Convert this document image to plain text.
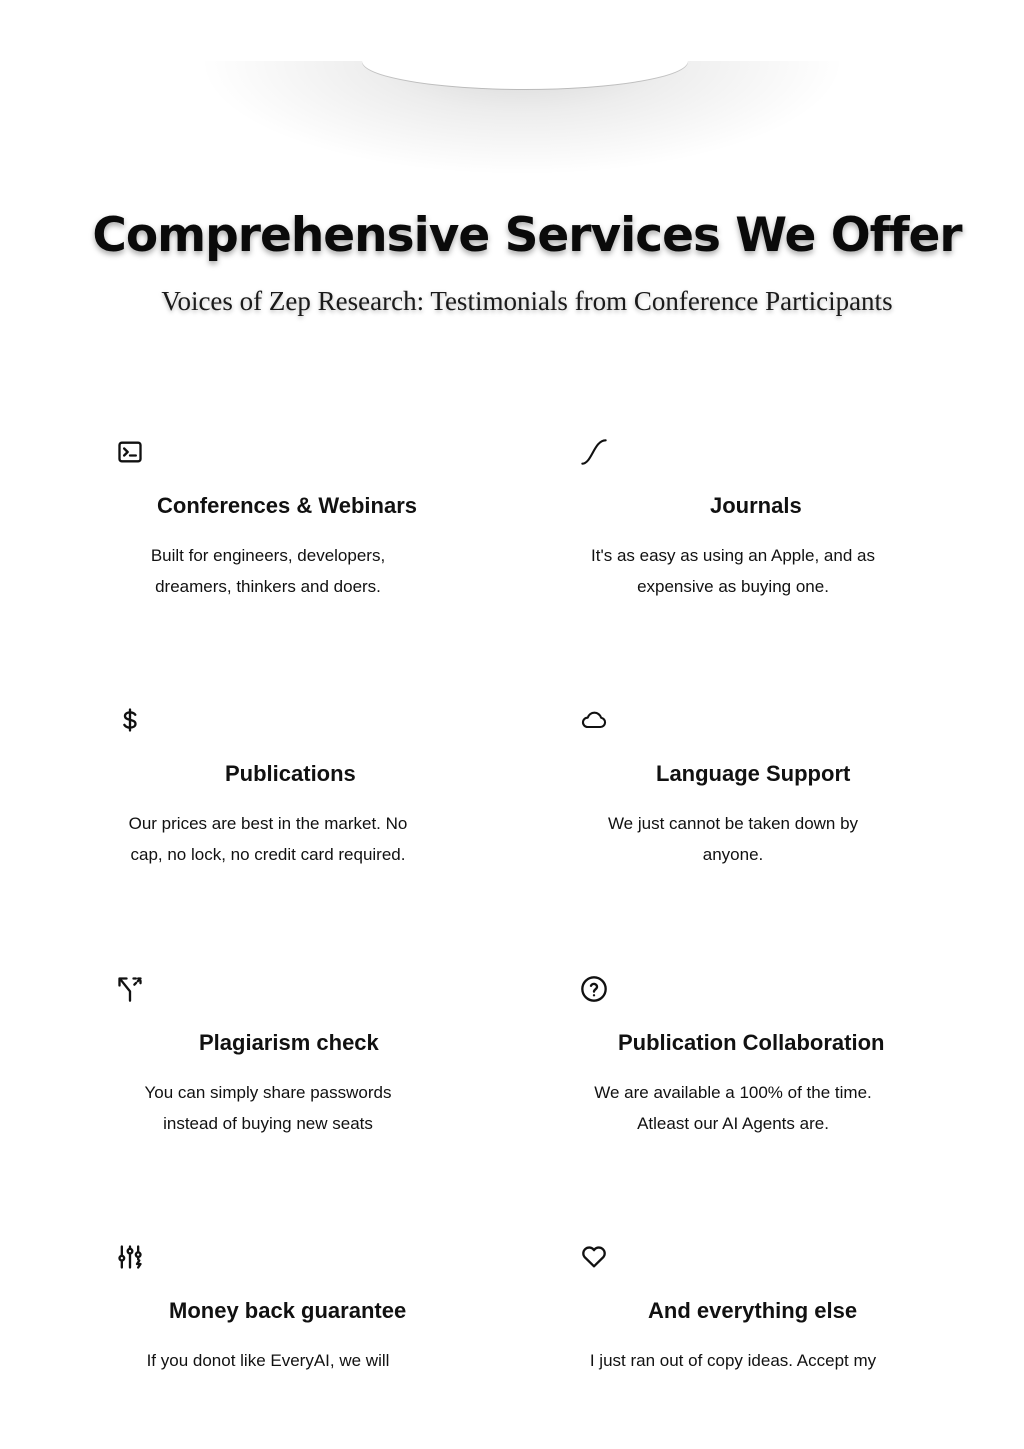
Comprehensive Services We Offer

Voices of Zep Research: Testimonials from Conference Participants

Conferences & Webinars

Built for engineers, developers,
dreamers, thinkers and doers.

Journals

It's as easy as using an Apple, and as
expensive as buying one.

Publications

Our prices are best in the market. No
cap, no lock, no credit card required.

Language Support

We just cannot be taken down by
anyone.

Plagiarism check

You can simply share passwords
instead of buying new seats

Publication Collaboration

We are available a 100% of the time.
Atleast our AI Agents are.

Money back guarantee

If you donot like EveryAI, we will

And everything else

I just ran out of copy ideas. Accept my
